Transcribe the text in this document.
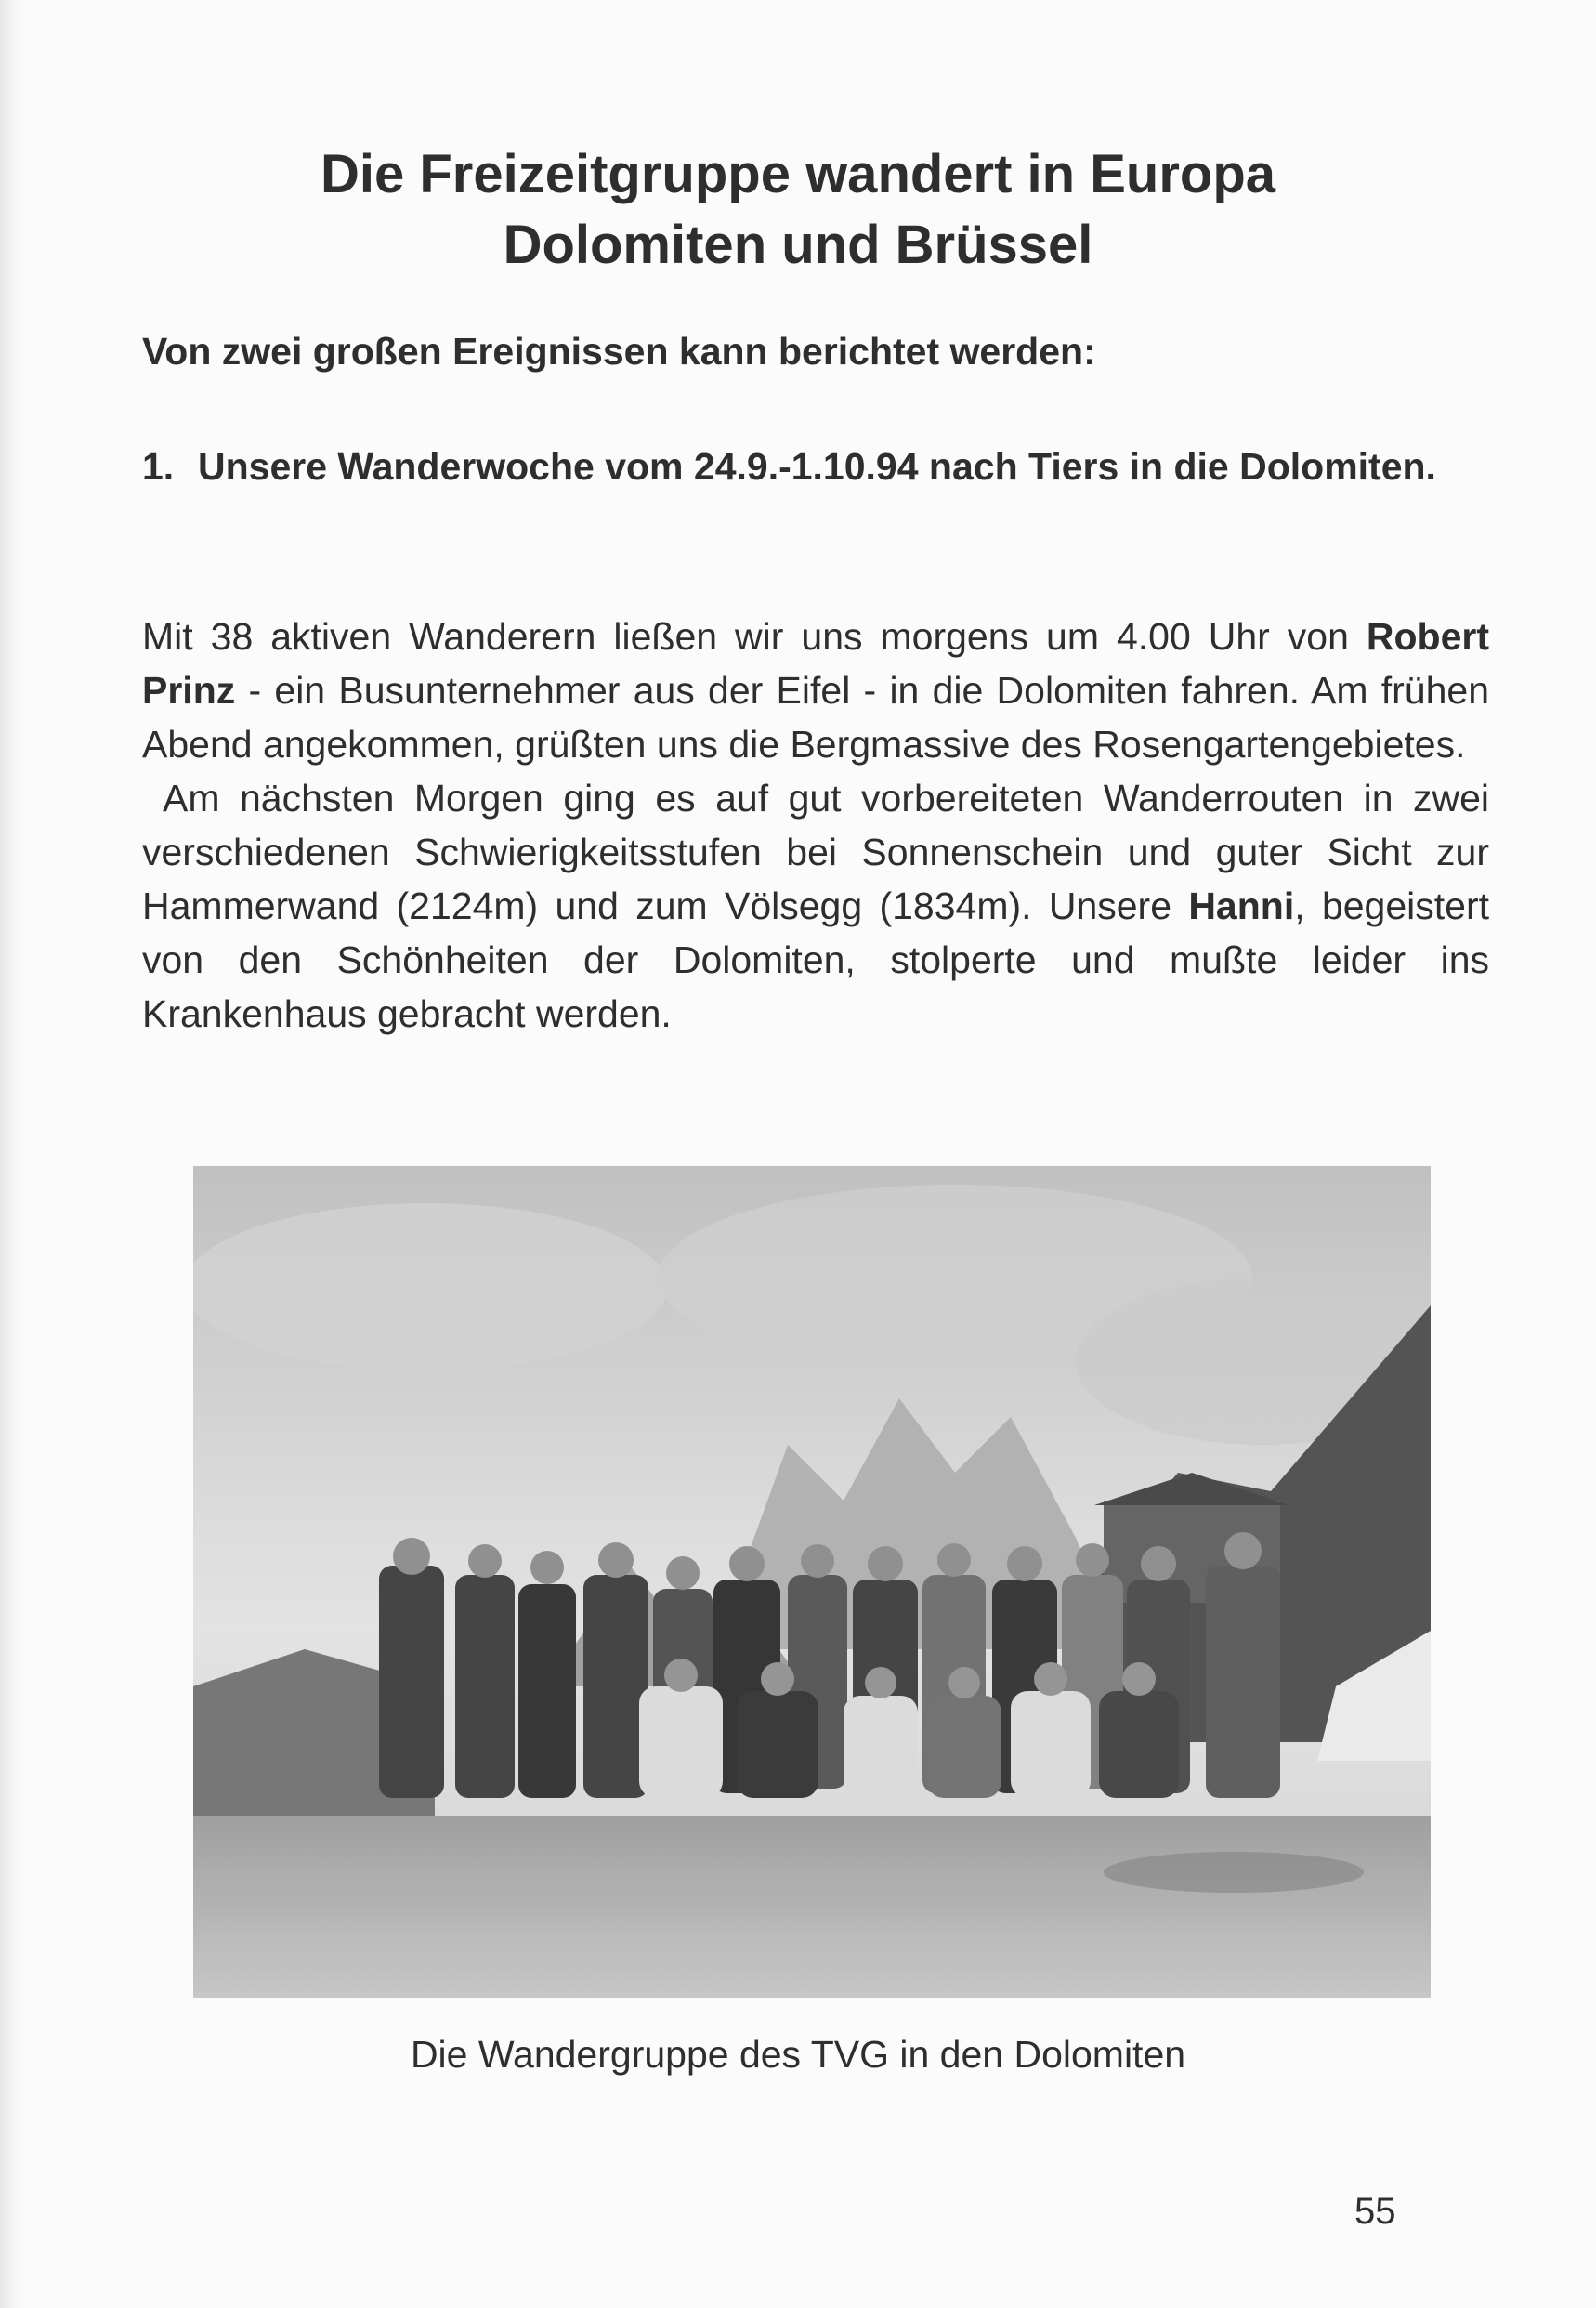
Die Freizeitgruppe wandert in Europa
Dolomiten und Brüssel
Von zwei großen Ereignissen kann berichtet werden:
1. Unsere Wanderwoche vom 24.9.-1.10.94 nach Tiers in die Dolomiten.

Mit 38 aktiven Wanderern ließen wir uns morgens um 4.00 Uhr von Robert Prinz - ein Busunternehmer aus der Eifel - in die Dolomiten fahren. Am frühen Abend angekommen, grüßten uns die Bergmassive des Rosengartengebietes.

Am nächsten Morgen ging es auf gut vorbereiteten Wanderrouten in zwei verschiedenen Schwierigkeitsstufen bei Sonnenschein und guter Sicht zur Hammerwand (2124m) und zum Völsegg (1834m). Unsere Hanni, begeistert von den Schönheiten der Dolomiten, stolperte und mußte leider ins Krankenhaus gebracht werden.

Die Wandergruppe des TVG in den Dolomiten
55
